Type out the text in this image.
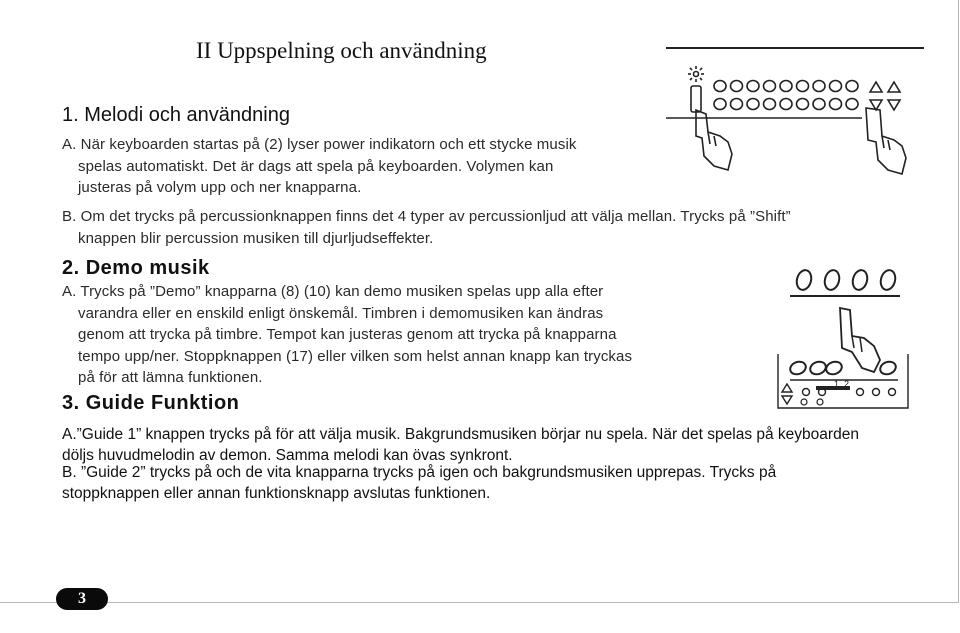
II Uppspelning och användning
1. Melodi och användning
A. När keyboarden startas på (2) lyser power indikatorn och ett stycke musik
spelas automatiskt. Det är dags att spela på keyboarden. Volymen kan
justeras på volym upp och ner knapparna.
B. Om det trycks på percussionknappen finns det 4 typer av percussionljud att välja mellan. Trycks på ”Shift”
knappen blir percussion musiken till djurljudseffekter.
2. Demo musik
A. Trycks på ”Demo” knapparna (8) (10) kan demo musiken spelas upp alla efter
varandra eller en enskild enligt önskemål. Timbren i demomusiken kan ändras
genom att trycka på timbre. Tempot kan justeras genom att trycka på knapparna
tempo upp/ner. Stoppknappen (17) eller vilken som helst annan knapp kan tryckas
på för att lämna funktionen.
3. Guide Funktion
A.”Guide 1” knappen trycks på för att välja musik. Bakgrundsmusiken börjar nu spela. När det spelas på keyboarden
döljs huvudmelodin av demon. Samma melodi kan övas synkront.
B. ”Guide 2” trycks på och de vita knapparna trycks på igen och bakgrundsmusiken upprepas. Trycks på
stoppknappen eller annan funktionsknapp avslutas funktionen.
1 2
3
